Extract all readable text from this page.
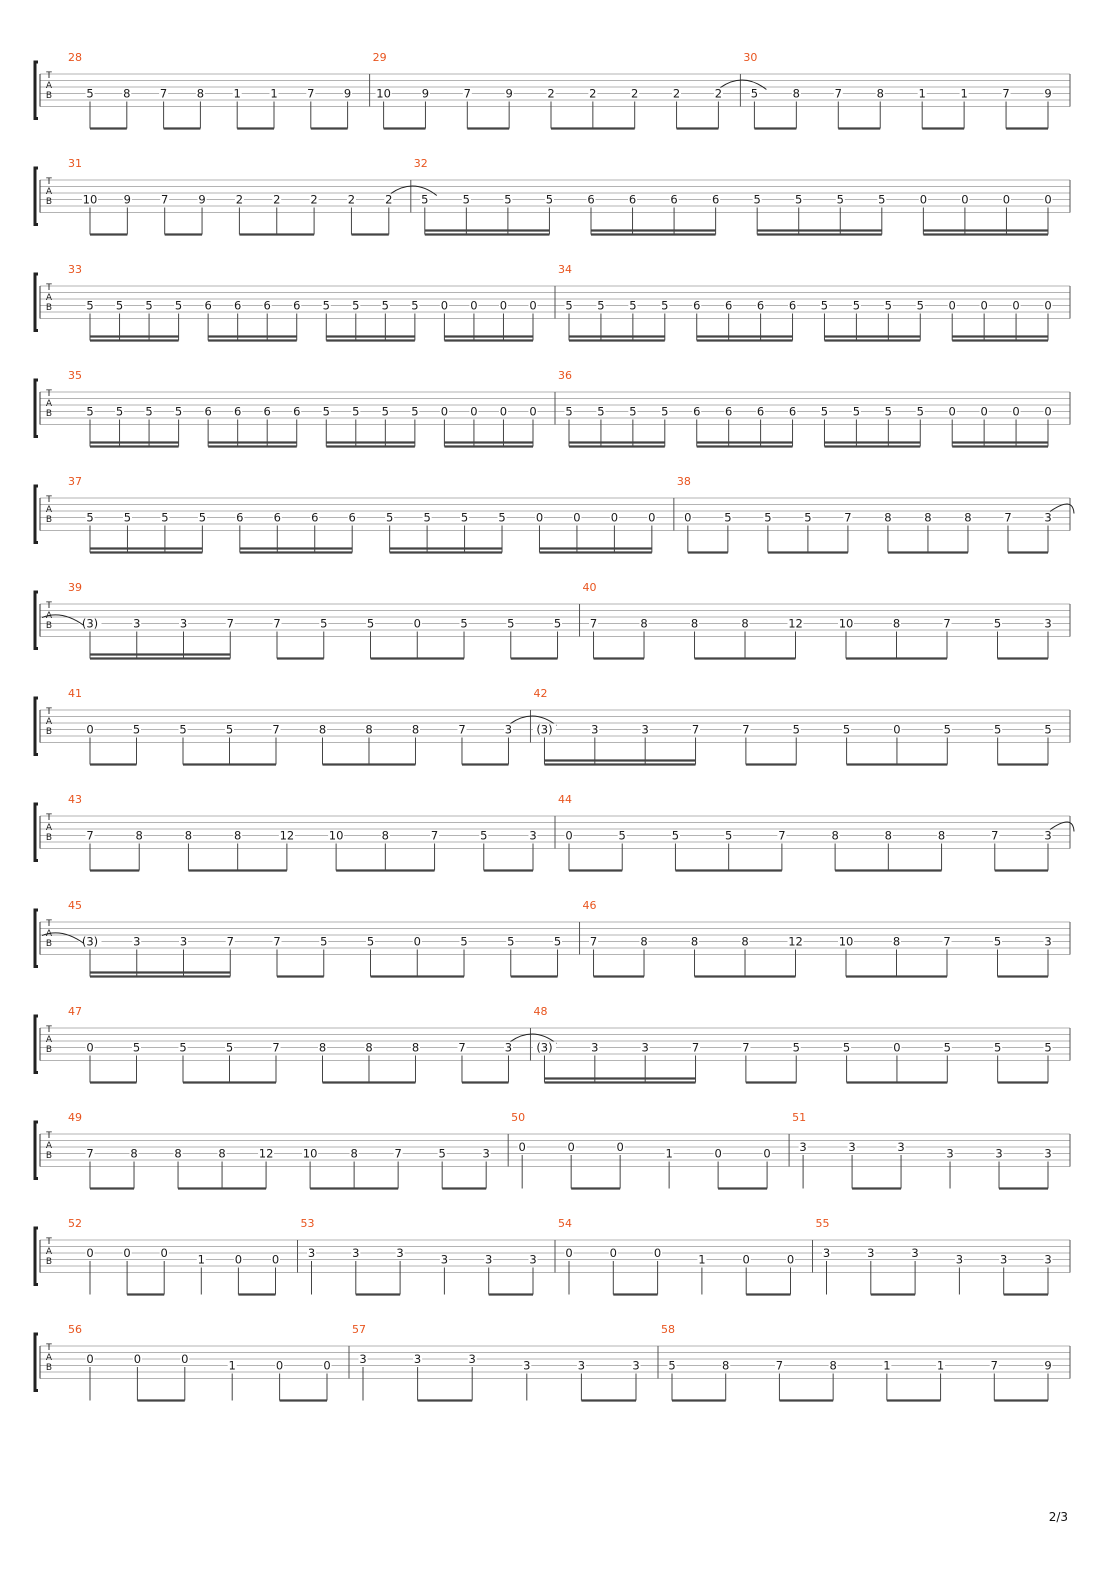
T
A
B
28
5	8	7	8	1	1	7	9
29
10	9	7	9	2	2	2	2	2
30
5	8	7	8	1	1	7	9
T
A
B
31
10 9	7	9	2	2	2	2	2
32
5	5	5	5	6	6	6	6	5	5	5	5	0	0	0	0
T
A
B
33
5 5 5 5 6 6 6 6 5 5 5 5 0 0 0 0
34
5 5 5 5 6 6 6 6 5 5 5 5 0 0 0 0
T
A
B
35
5 5 5 5 6 6 6 6 5 5 5 5 0 0 0 0
36
5 5 5 5 6 6 6 6 5 5 5 5 0 0 0 0
T
A
B
37
5	5	5	5	6	6	6	6	5	5	5	5	0	0	0	0
38
0	5	5	5	7	8	8	8	7	3
T
A
B
39
(3)	3	3	7	7	5	5	0	5	5	5
40
7	8	8	8	12	10	8	7	5	3
T
A
B
41
0	5	5	5	7	8	8	8	7	3
42
(3)	3	3	7	7	5	5	0	5	5	5
T
A
B
43
7	8	8	8	12	10	8	7	5	3
44
0	5	5	5	7	8	8	8	7	3
T
A
B
45
(3)	3	3	7	7	5	5	0	5	5	5
46
7	8	8	8	12	10	8	7	5	3
T
A
B
47
0	5	5	5	7	8	8	8	7	3
48
(3)	3	3	7	7	5	5	0	5	5	5
T
A
B
49
7	8	8	8	12	10	8	7	5	3
50
0	0	0	1	0	0
51
3	3	3	3	3	3
T
A
B
52
0	0	0	1	0	0
53
3	3	3	3	3	3
54
0	0	0	1	0	0
55
3	3	3	3	3	3
T
A
B
56
0	0	0	1	0	0
57
3	3	3	3	3	3
58
5	8	7	8	1	1	7	9
2/3
